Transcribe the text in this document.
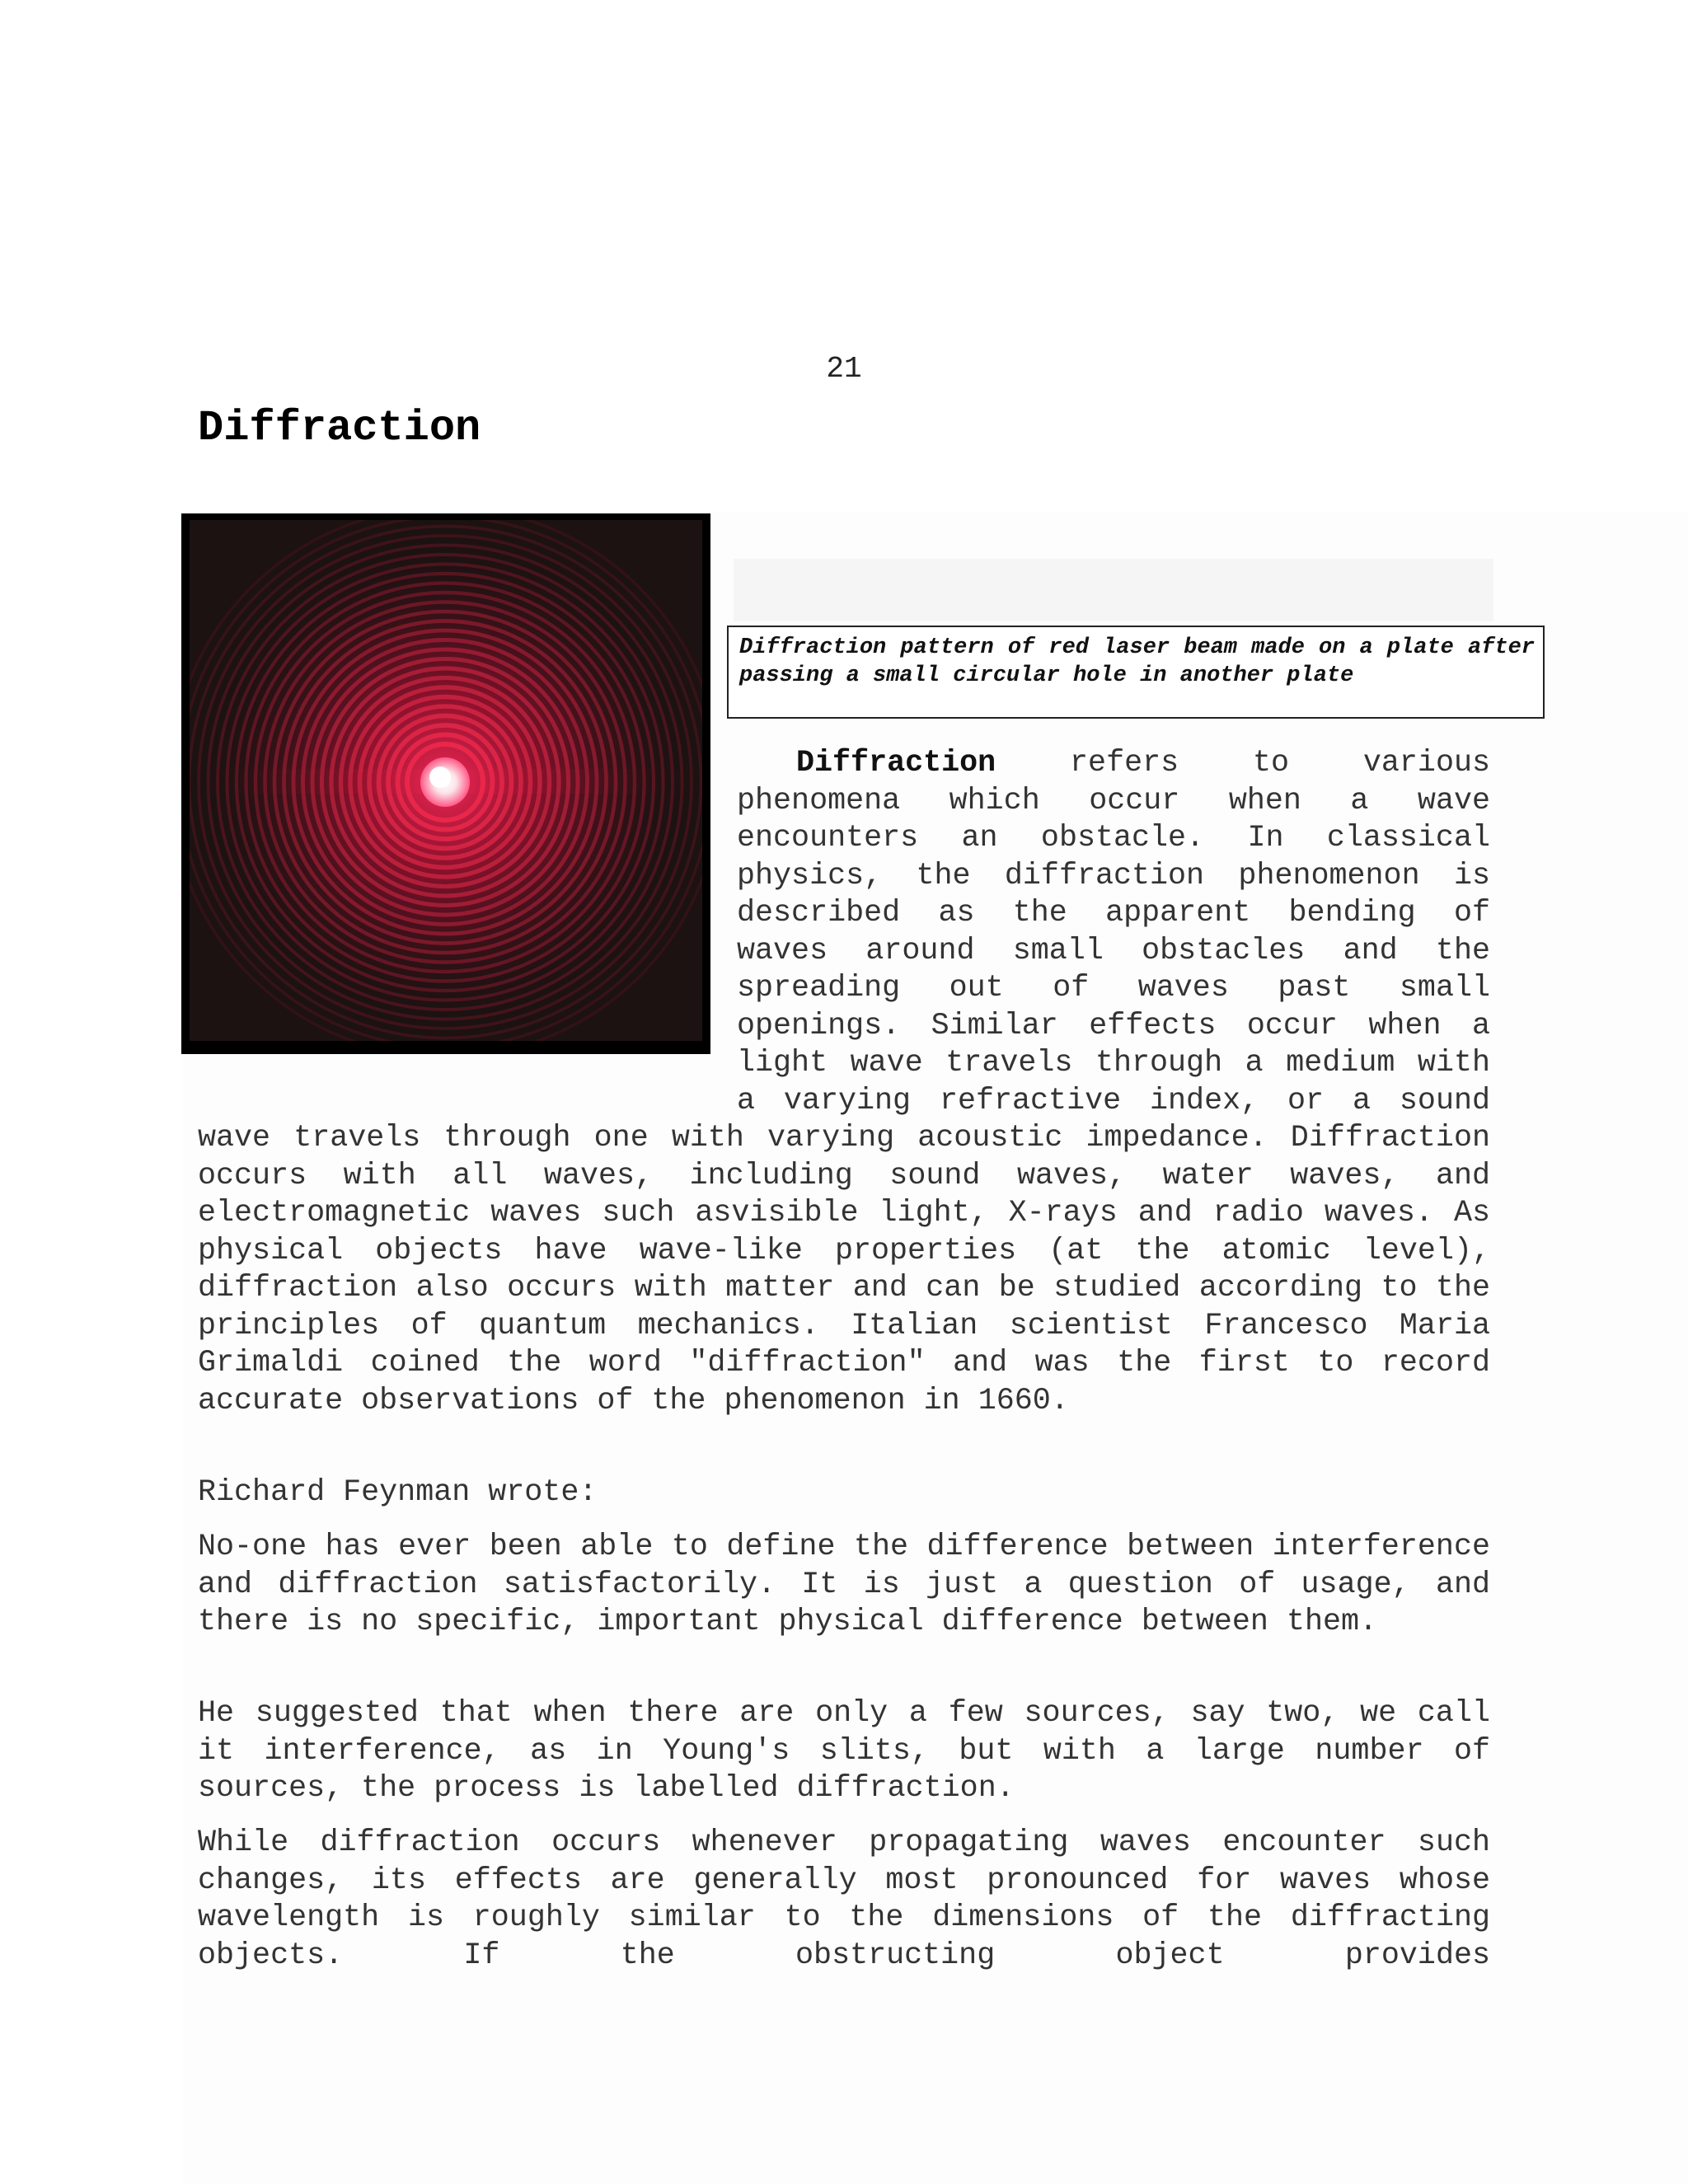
21
Diffraction
Diffraction pattern of red laser beam made on a plate after passing a small circular hole in another plate

Diffraction refers to various phenomena which occur when a wave encounters an obstacle. In classical physics, the diffraction phenomenon is described as the apparent bending of waves around small obstacles and the spreading out of waves past small openings. Similar effects occur when a light wave travels through a medium with a varying refractive index, or a sound wave travels through one with varying acoustic impedance. Diffraction occurs with all waves, including sound waves, water waves, and electromagnetic waves such asvisible light, X-rays and radio waves. As physical objects have wave-like properties (at the atomic level), diffraction also occurs with matter and can be studied according to the principles of quantum mechanics. Italian scientist Francesco Maria Grimaldi coined the word "diffraction" and was the first to record accurate observations of the phenomenon in 1660.

Richard Feynman wrote:

No-one has ever been able to define the difference between interference and diffraction satisfactorily. It is just a question of usage, and there is no specific, important physical difference between them.

He suggested that when there are only a few sources, say two, we call it interference, as in Young's slits, but with a large number of sources, the process is labelled diffraction.

While diffraction occurs whenever propagating waves encounter such changes, its effects are generally most pronounced for waves whose wavelength is roughly similar to the dimensions of the diffracting objects. If the obstructing object provides
